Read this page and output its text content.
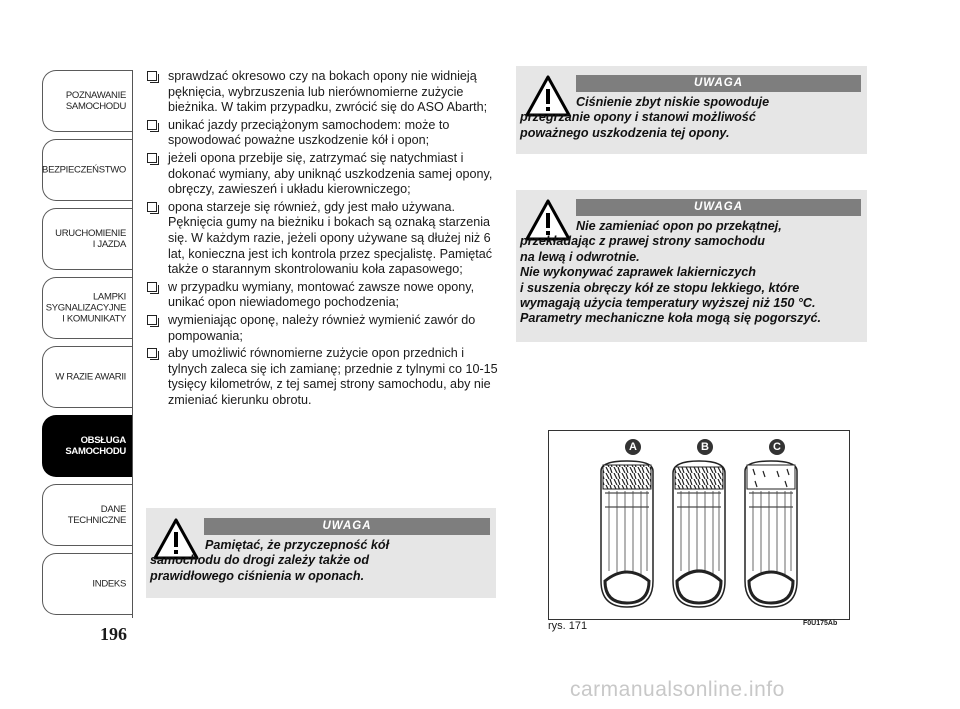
POZNAWANIE
SAMOCHODU
BEZPIECZEŃSTWO
URUCHOMIENIE
I JAZDA
LAMPKI
SYGNALIZACYJNE
I KOMUNIKATY
W RAZIE AWARII
OBSŁUGA
SAMOCHODU
DANE
TECHNICZNE
INDEKS
196
sprawdzać okresowo czy na bokach opony nie widnieją pęknięcia, wybrzuszenia lub nierównomierne zużycie bieżnika. W takim przypadku, zwrócić się do ASO Abarth;
unikać jazdy przeciążonym samochodem: może to spowodować poważne uszkodzenie kół i opon;
jeżeli opona przebije się, zatrzymać się natychmiast i dokonać wymiany, aby uniknąć uszkodzenia samej opony, obręczy, zawieszeń i układu kierowniczego;
opona starzeje się również, gdy jest mało używana. Pęknięcia gumy na bieżniku i bokach są oznaką starzenia się. W każdym razie, jeżeli opony używane są dłużej niż 6 lat, konieczna jest ich kontrola przez specjalistę. Pamiętać także o starannym skontrolowaniu koła zapasowego;
w przypadku wymiany, montować zawsze nowe opony, unikać opon niewiadomego pochodzenia;
wymieniając oponę, należy również wymienić zawór do pompowania;
aby umożliwić równomierne zużycie opon przednich i tylnych zaleca się ich zamianę; przednie z tylnymi co 10-15 tysięcy kilometrów, z tej samej strony samochodu, aby nie zmieniać kierunku obrotu.
UWAGA
Pamiętać, że przyczepność kół
samochodu do drogi zależy także od
prawidłowego ciśnienia w oponach.
UWAGA
Ciśnienie zbyt niskie spowoduje
przegrzanie opony i stanowi możliwość
poważnego uszkodzenia tej opony.
UWAGA
Nie zamieniać opon po przekątnej,
przekładając z prawej strony samochodu
na lewą i odwrotnie.
Nie wykonywać zaprawek lakierniczych
i suszenia obręczy kół ze stopu lekkiego, które
wymagają użycia temperatury wyższej niż 150 °C.
Parametry mechaniczne koła mogą się pogorszyć.
A	B	C
rys. 171	F0U175Ab
carmanualsonline.info
